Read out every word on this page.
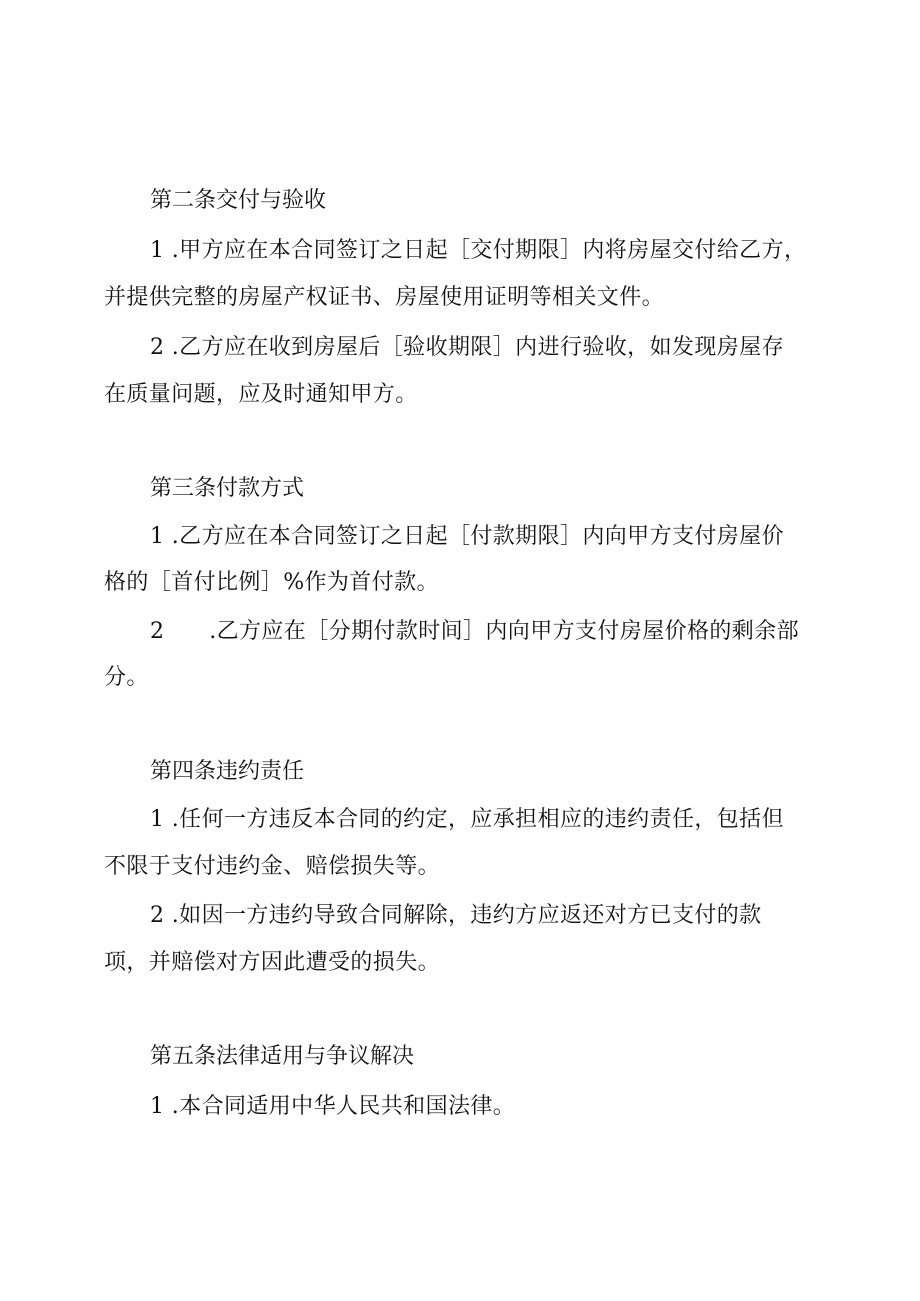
第二条交付与验收
1 .甲方应在本合同签订之日起［交付期限］内将房屋交付给乙方，
并提供完整的房屋产权证书、房屋使用证明等相关文件。
2 .乙方应在收到房屋后［验收期限］内进行验收，如发现房屋存
在质量问题，应及时通知甲方。
第三条付款方式
1 .乙方应在本合同签订之日起［付款期限］内向甲方支付房屋价
格的［首付比例］%作为首付款。
2　　.乙方应在［分期付款时间］内向甲方支付房屋价格的剩余部
分。
第四条违约责任
1 .任何一方违反本合同的约定，应承担相应的违约责任，包括但
不限于支付违约金、赔偿损失等。
2 .如因一方违约导致合同解除，违约方应返还对方已支付的款
项，并赔偿对方因此遭受的损失。
第五条法律适用与争议解决
1 .本合同适用中华人民共和国法律。
